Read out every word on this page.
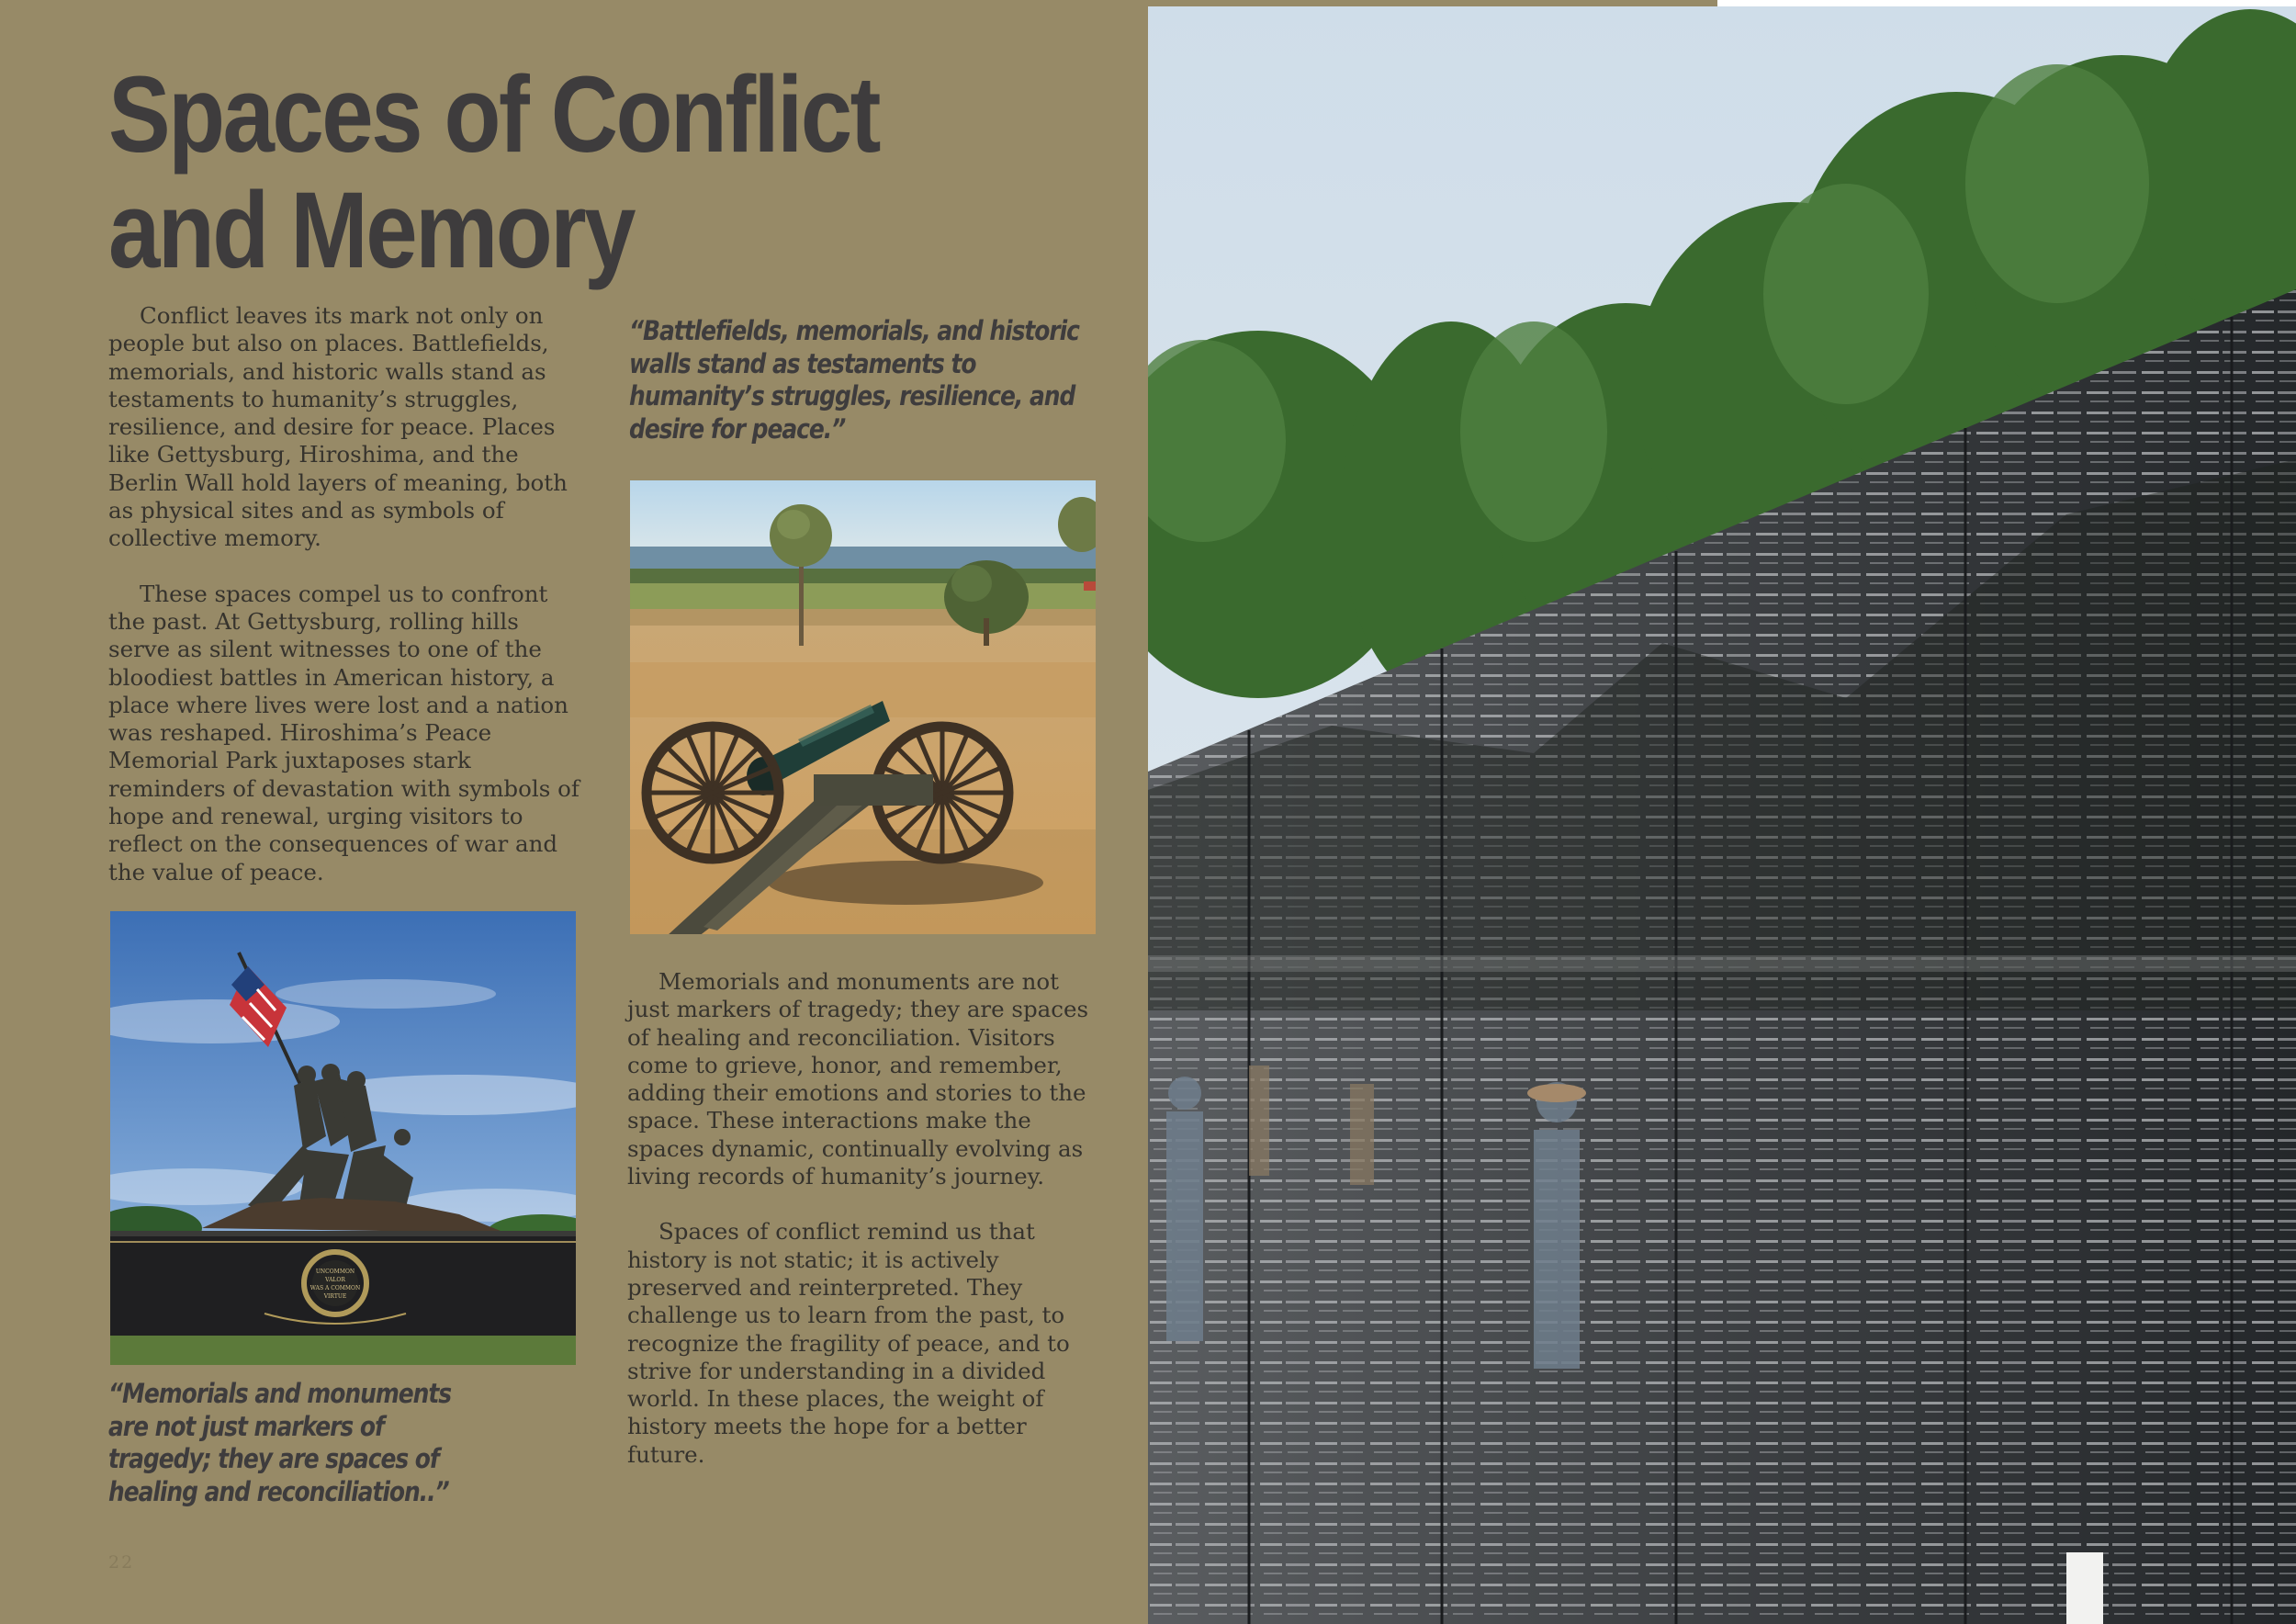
Spaces of Conflict
and Memory

Conflict leaves its mark not only on people but also on places. Battlefields, memorials, and historic walls stand as testaments to humanity’s struggles, resilience, and desire for peace. Places like Gettysburg, Hiroshima, and the Berlin Wall hold layers of meaning, both as physical sites and as symbols of collective memory.

These spaces compel us to confront the past. At Gettysburg, rolling hills serve as silent witnesses to one of the bloodiest battles in American history, a place where lives were lost and a nation was reshaped. Hiroshima’s Peace Memorial Park juxtaposes stark reminders of devastation with symbols of hope and renewal, urging visitors to reflect on the consequences of war and the value of peace.

“Battlefields, memorials, and historic walls stand as testaments to humanity’s struggles, resilience, and desire for peace.”

UNCOMMON
VALOR
WAS A COMMON
VIRTUE

Memorials and monuments are not just markers of tragedy; they are spaces of healing and reconciliation. Visitors come to grieve, honor, and remember, adding their emotions and stories to the space. These interactions make the spaces dynamic, continually evolving as living records of humanity’s journey.

Spaces of conflict remind us that history is not static; it is actively preserved and reinterpreted. They challenge us to learn from the past, to recognize the fragility of peace, and to strive for understanding in a divided world. In these places, the weight of history meets the hope for a better future.

“Memorials and monuments are not just markers of tragedy; they are spaces of healing and reconciliation..”

22
